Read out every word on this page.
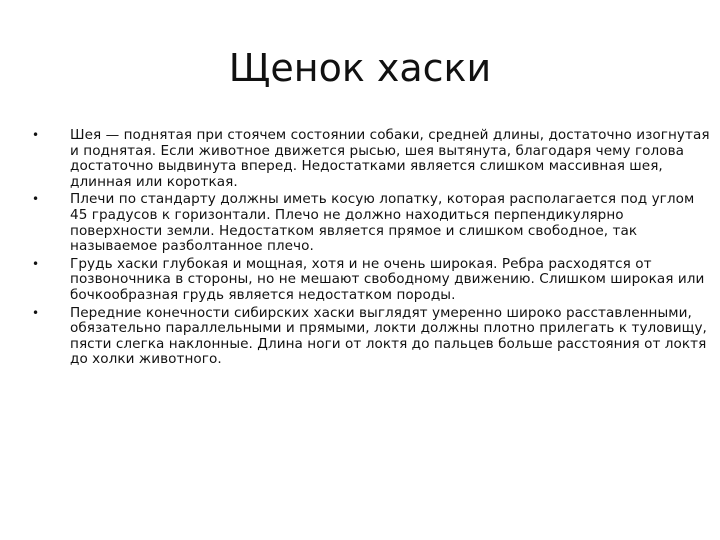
Щенок хаски
• Шея — поднятая при стоячем состоянии собаки, средней длины, достаточно изогнутая и поднятая. Если животное движется рысью, шея вытянута, благодаря чему голова достаточно выдвинута вперед. Недостатками является слишком массивная шея, длинная или короткая.
• Плечи по стандарту должны иметь косую лопатку, которая располагается под углом 45 градусов к горизонтали. Плечо не должно находиться перпендикулярно поверхности земли. Недостатком является прямое и слишком свободное, так называемое разболтанное плечо.
• Грудь хаски глубокая и мощная, хотя и не очень широкая. Ребра расходятся от позвоночника в стороны, но не мешают свободному движению. Слишком широкая или бочкообразная грудь является недостатком породы.
• Передние конечности сибирских хаски выглядят умеренно широко расставленными, обязательно параллельными и прямыми, локти должны плотно прилегать к туловищу, пясти слегка наклонные. Длина ноги от локтя до пальцев больше расстояния от локтя до холки животного.
